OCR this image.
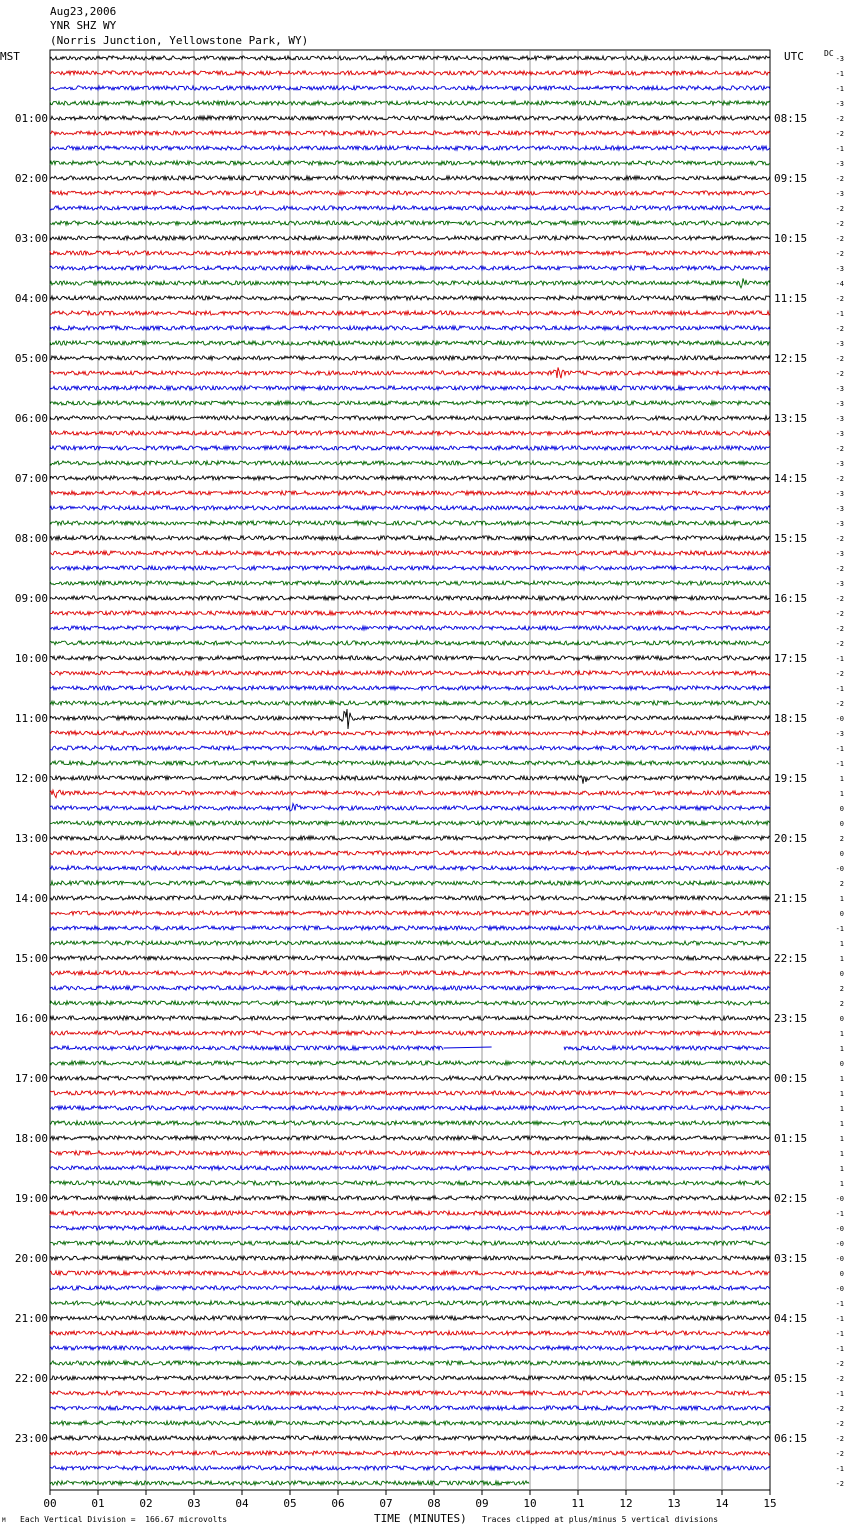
Aug23,2006
YNR SHZ WY
(Norris Junction, Yellowstone Park, WY)
MST	UTC	DC
-3
-1
-1
-3
-2
-2
-1
-3
-2
-3
-2
-2
-2
-2
-3
-4
-2
-1
-2
-3
-2
-2
-3
-3
-3
-3
-2
-3
-2
-3
-3
-3
-2
-3
-2
-3
-2
-2
-2
-2
-1
-2
-1
-2
-0
-3
-1
-1
1
1
0
0
2
0
-0
2
1
0
-1
1
1
0
2
2
0
1
1
0
1
1
1
1
1
1
1
1
-0
-1
-0
-0
-0
0
-0
-1
-1
-1
-1
-2
-2
-1
-2
-2
-2
-2
-1
-2
01:00
02:00
03:00
04:00
05:00
06:00
07:00
08:00
09:00
10:00
11:00
12:00
13:00
14:00
15:00
16:00
17:00
18:00
19:00
20:00
21:00
22:00
23:00
08:15
09:15
10:15
11:15
12:15
13:15
14:15
15:15
16:15
17:15
18:15
19:15
20:15
21:15
22:15
23:15
00:15
01:15
02:15
03:15
04:15
05:15
06:15
00	01	02	03	04	05	06	07	08	09	10	11	12	13	14	15
M Each Vertical Division =  166.67 microvolts	TIME (MINUTES) Traces clipped at plus/minus 5 vertical divisions
